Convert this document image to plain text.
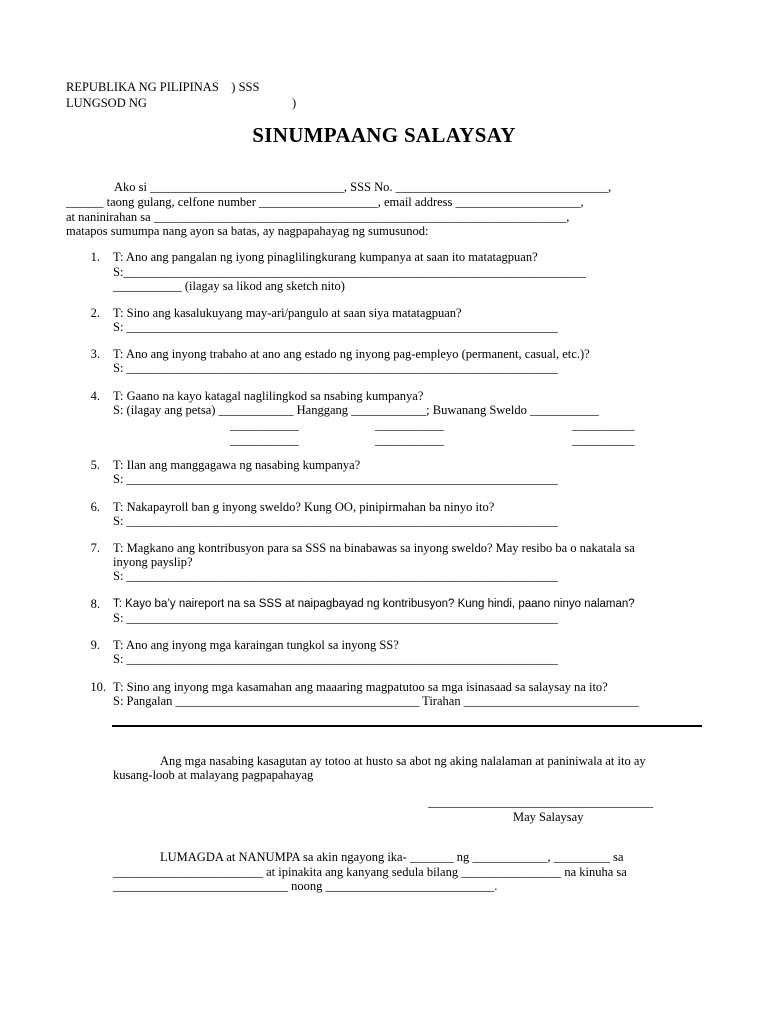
REPUBLIKA NG PILIPINAS    ) SSS
LUNGSOD NG	)
SINUMPAANG SALAYSAY
Ako si _______________________________, SSS No. __________________________________,
______ taong gulang, celfone number ___________________, email address ____________________,
at naninirahan sa __________________________________________________________________,
matapos sumumpa nang ayon sa batas, ay nagpapahayag ng sumusunod:
1. T: Ano ang pangalan ng iyong pinaglilingkurang kumpanya at saan ito matatagpuan?
S:__________________________________________________________________________
___________ (ilagay sa likod ang sketch nito)
2. T: Sino ang kasalukuyang may-ari/pangulo at saan siya matatagpuan?
S: _____________________________________________________________________
3. T: Ano ang inyong trabaho at ano ang estado ng inyong pag-empleyo (permanent, casual, etc.)?
S: _____________________________________________________________________
4. T: Gaano na kayo katagal naglilingkod sa nsabing kumpanya?
S: (ilagay ang petsa) ____________ Hanggang ____________; Buwanang Sweldo ___________
___________	___________	__________
___________	___________	__________
5. T: Ilan ang manggagawa ng nasabing kumpanya?
S: _____________________________________________________________________
6. T: Nakapayroll ban g inyong sweldo? Kung OO, pinipirmahan ba ninyo ito?
S: _____________________________________________________________________
7. T: Magkano ang kontribusyon para sa SSS na binabawas sa inyong sweldo? May resibo ba o nakatala sa
inyong payslip?
S: _____________________________________________________________________
8. T: Kayo ba’y naireport na sa SSS at naipagbayad ng kontribusyon? Kung hindi, paano ninyo nalaman?
S: _____________________________________________________________________
9. T: Ano ang inyong mga karaingan tungkol sa inyong SS?
S: _____________________________________________________________________
10. T: Sino ang inyong mga kasamahan ang maaaring magpatutoo sa mga isinasaad sa salaysay na ito?
S: Pangalan _______________________________________ Tirahan ____________________________
Ang mga nasabing kasagutan ay totoo at husto sa abot ng aking nalalaman at paniniwala at ito ay
kusang-loob at malayang pagpapahayag
____________________________________
May Salaysay
LUMAGDA at NANUMPA sa akin ngayong ika- _______ ng ____________, _________ sa
________________________ at ipinakita ang kanyang sedula bilang ________________ na kinuha sa
____________________________ noong ___________________________.
